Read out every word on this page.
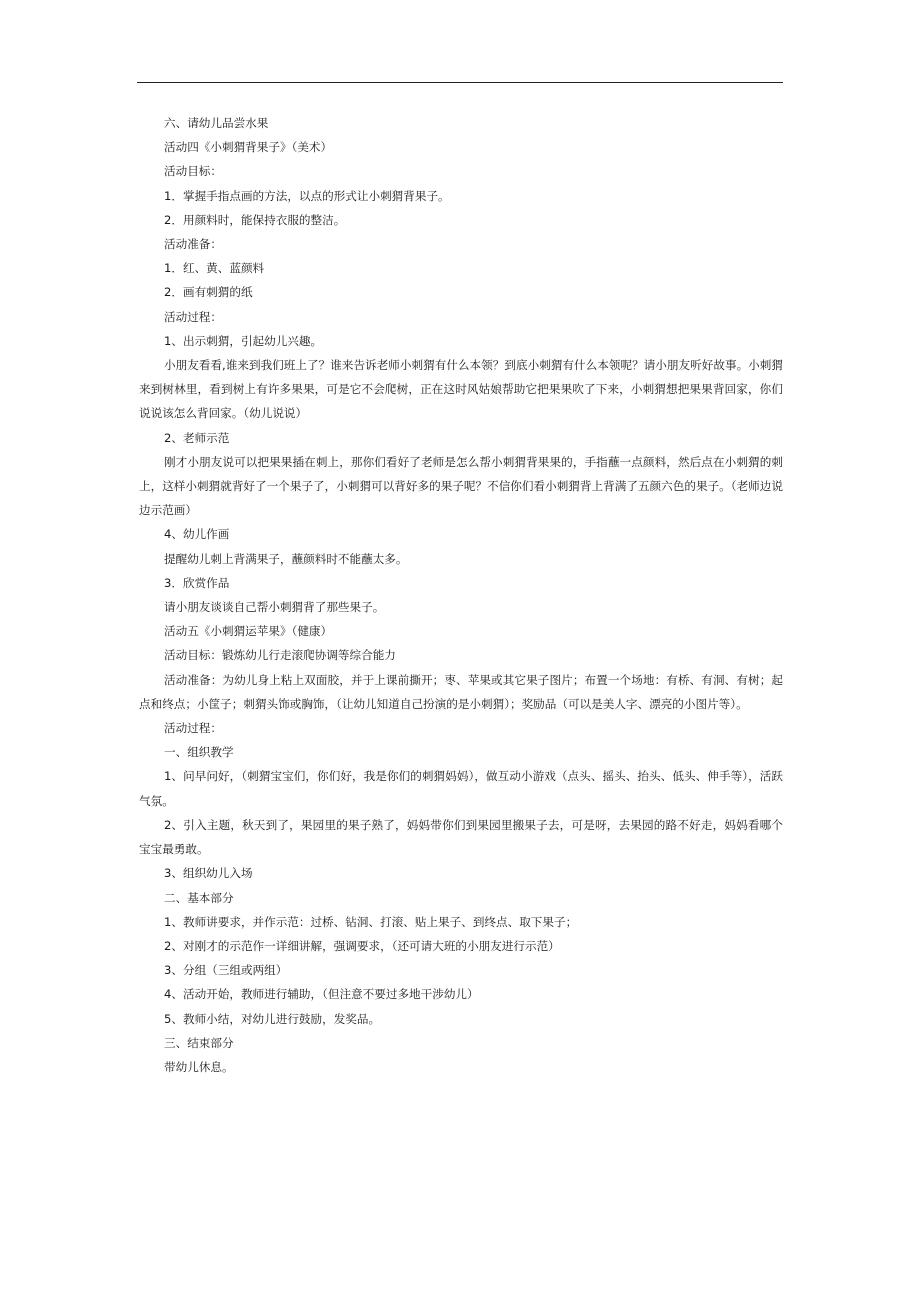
六、请幼儿品尝水果

活动四《小刺猬背果子》（美术）

活动目标：

1．掌握手指点画的方法，以点的形式让小刺猬背果子。

2．用颜料时，能保持衣服的整洁。

活动准备：

1．红、黄、蓝颜料

2．画有刺猬的纸

活动过程：

1、出示刺猬，引起幼儿兴趣。

小朋友看看,谁来到我们班上了？谁来告诉老师小刺猬有什么本领？到底小刺猬有什么本领呢？请小朋友听好故事。小刺猬来到树林里，看到树上有许多果果，可是它不会爬树，正在这时风姑娘帮助它把果果吹了下来，小刺猬想把果果背回家，你们说说该怎么背回家。（幼儿说说）

2、老师示范

刚才小朋友说可以把果果插在刺上，那你们看好了老师是怎么帮小刺猬背果果的，手指蘸一点颜料，然后点在小刺猬的刺上，这样小刺猬就背好了一个果子了，小刺猬可以背好多的果子呢？不信你们看小刺猬背上背满了五颜六色的果子。（老师边说边示范画）

4、幼儿作画

提醒幼儿刺上背满果子，蘸颜料时不能蘸太多。

3．欣赏作品

请小朋友谈谈自己帮小刺猬背了那些果子。

活动五《小刺猬运苹果》（健康）

活动目标：锻炼幼儿行走滚爬协调等综合能力

活动准备：为幼儿身上粘上双面胶，并于上课前撕开；枣、苹果或其它果子图片；布置一个场地：有桥、有洞、有树；起点和终点；小筐子；刺猬头饰或胸饰，（让幼儿知道自己扮演的是小刺猬）；奖励品（可以是美人字、漂亮的小图片等）。

活动过程：

一、组织教学

1、问早问好，（刺猬宝宝们，你们好，我是你们的刺猬妈妈），做互动小游戏（点头、摇头、抬头、低头、伸手等），活跃气氛。

2、引入主题，秋天到了，果园里的果子熟了，妈妈带你们到果园里搬果子去，可是呀，去果园的路不好走，妈妈看哪个宝宝最勇敢。

3、组织幼儿入场

二、基本部分

1、教师讲要求，并作示范：过桥、钻洞、打滚、贴上果子、到终点、取下果子；

2、对刚才的示范作一详细讲解，强调要求，（还可请大班的小朋友进行示范）

3、分组（三组或两组）

4、活动开始，教师进行辅助，（但注意不要过多地干涉幼儿）

5、教师小结，对幼儿进行鼓励，发奖品。

三、结束部分

带幼儿休息。
